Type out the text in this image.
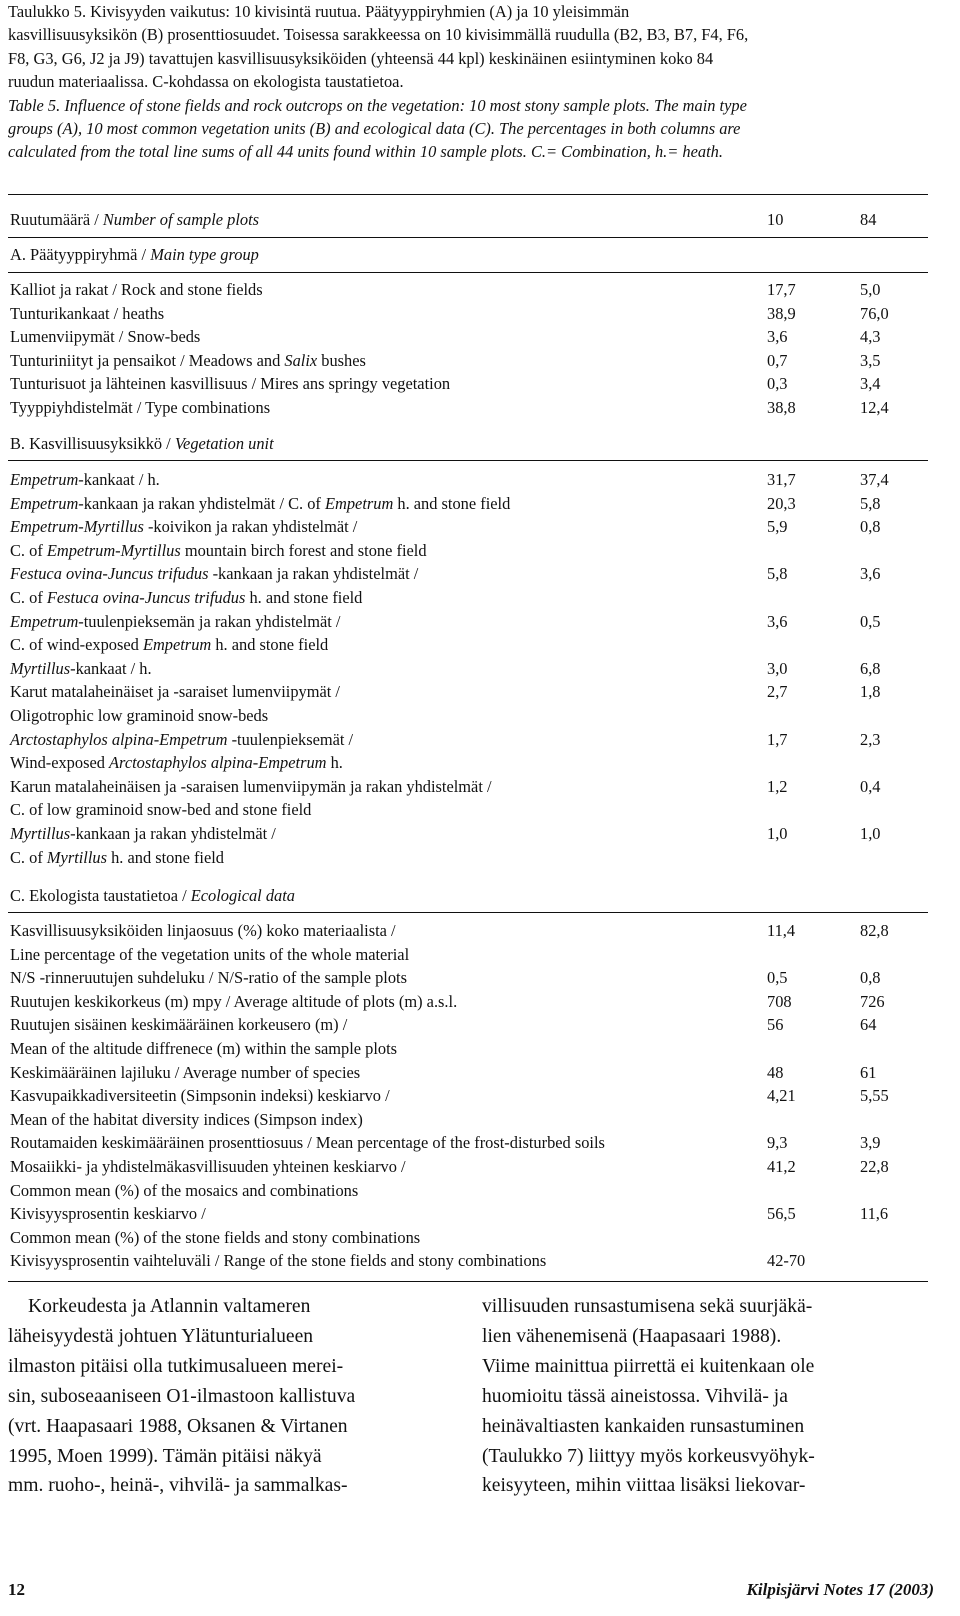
Taulukko 5. Kivisyyden vaikutus: 10 kivisintä ruutua. Päätyyppiryhmien (A) ja 10 yleisimmän
kasvillisuusyksikön (B) prosenttiosuudet. Toisessa sarakkeessa on 10 kivisimmällä ruudulla (B2, B3, B7, F4, F6,
F8, G3, G6, J2 ja J9) tavattujen kasvillisuusyksiköiden (yhteensä 44 kpl) keskinäinen esiintyminen koko 84
ruudun materiaalissa. C-kohdassa on ekologista taustatietoa.

Table 5. Influence of stone fields and rock outcrops on the vegetation: 10 most stony sample plots. The main type
groups (A), 10 most common vegetation units (B) and ecological data (C). The percentages in both columns are
calculated from the total line sums of all 44 units found within 10 sample plots. C.= Combination, h.= heath.

Ruutumäärä / Number of sample plots	10	84
A. Päätyyppiryhmä / Main type group
Kalliot ja rakat / Rock and stone fields	17,7	5,0
Tunturikankaat / heaths	38,9	76,0
Lumenviipymät / Snow-beds	3,6	4,3
Tunturiniityt ja pensaikot / Meadows and Salix bushes	0,7	3,5
Tunturisuot ja lähteinen kasvillisuus / Mires ans springy vegetation	0,3	3,4
Tyyppiyhdistelmät / Type combinations	38,8	12,4
B. Kasvillisuusyksikkö / Vegetation unit
Empetrum-kankaat / h.	31,7	37,4
Empetrum-kankaan ja rakan yhdistelmät / C. of Empetrum h. and stone field	20,3	5,8
Empetrum-Myrtillus -koivikon ja rakan yhdistelmät /	5,9	0,8
C. of Empetrum-Myrtillus mountain birch forest and stone field
Festuca ovina-Juncus trifudus -kankaan ja rakan yhdistelmät /	5,8	3,6
C. of Festuca ovina-Juncus trifudus h. and stone field
Empetrum-tuulenpieksemän ja rakan yhdistelmät /	3,6	0,5
C. of wind-exposed Empetrum h. and stone field
Myrtillus-kankaat / h.	3,0	6,8
Karut matalaheinäiset ja -saraiset lumenviipymät /	2,7	1,8
Oligotrophic low graminoid snow-beds
Arctostaphylos alpina-Empetrum -tuulenpieksemät /	1,7	2,3
Wind-exposed Arctostaphylos alpina-Empetrum h.
Karun matalaheinäisen ja -saraisen lumenviipymän ja rakan yhdistelmät /	1,2	0,4
C. of low graminoid snow-bed and stone field
Myrtillus-kankaan ja rakan yhdistelmät /	1,0	1,0
C. of Myrtillus h. and stone field
C. Ekologista taustatietoa / Ecological data
Kasvillisuusyksiköiden linjaosuus (%) koko materiaalista /	11,4	82,8
Line percentage of the vegetation units of the whole material
N/S -rinneruutujen suhdeluku / N/S-ratio of the sample plots	0,5	0,8
Ruutujen keskikorkeus (m) mpy / Average altitude of plots (m) a.s.l.	708	726
Ruutujen sisäinen keskimääräinen korkeusero (m) /	56	64
Mean of the altitude diffrenece (m) within the sample plots
Keskimääräinen lajiluku / Average number of species	48	61
Kasvupaikkadiversiteetin (Simpsonin indeksi) keskiarvo /	4,21	5,55
Mean of the habitat diversity indices (Simpson index)
Routamaiden keskimääräinen prosenttiosuus / Mean percentage of the frost-disturbed soils	9,3	3,9
Mosaiikki- ja yhdistelmäkasvillisuuden yhteinen keskiarvo /	41,2	22,8
Common mean (%) of the mosaics and combinations
Kivisyysprosentin keskiarvo /	56,5	11,6
Common mean (%) of the stone fields and stony combinations
Kivisyysprosentin vaihteluväli / Range of the stone fields and stony combinations	42-70

Korkeudesta ja Atlannin valtameren
läheisyydestä johtuen Ylätunturialueen
ilmaston pitäisi olla tutkimusalueen merei-
sin, suboseaaniseen O1-ilmastoon kallistuva
(vrt. Haapasaari 1988, Oksanen & Virtanen
1995, Moen 1999). Tämän pitäisi näkyä
mm. ruoho-, heinä-, vihvilä- ja sammalkas-

villisuuden runsastumisena sekä suurjäkä-
lien vähenemisenä (Haapasaari 1988).
Viime mainittua piirrettä ei kuitenkaan ole
huomioitu tässä aineistossa. Vihvilä- ja
heinävaltiasten kankaiden runsastuminen
(Taulukko 7) liittyy myös korkeusvyöhyk-
keisyyteen, mihin viittaa lisäksi liekovar-

12	Kilpisjärvi Notes 17 (2003)
